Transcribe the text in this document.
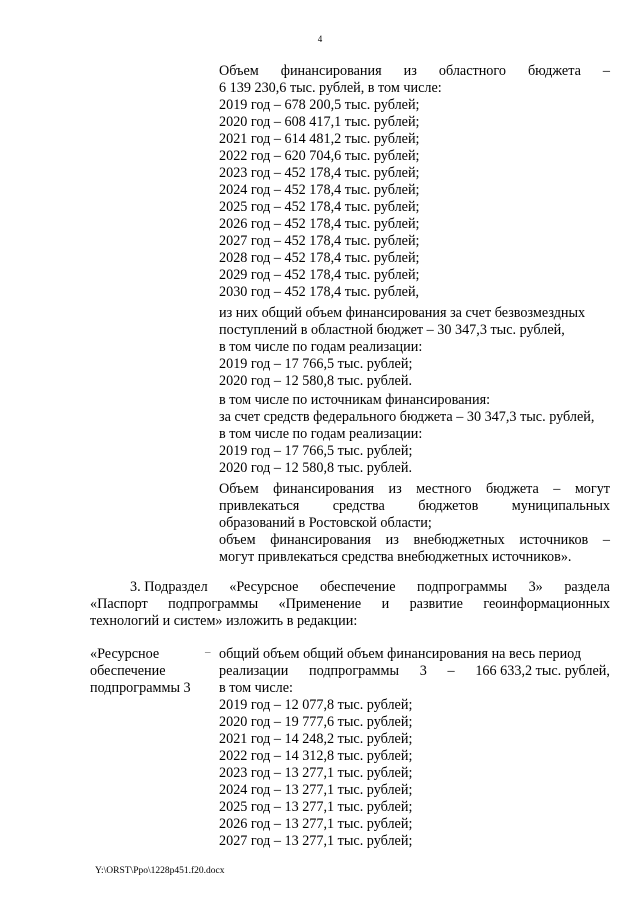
4
Объем финансирования из областного бюджета –
6 139 230,6 тыс. рублей, в том числе:
2019 год – 678 200,5 тыс. рублей;
2020 год – 608 417,1 тыс. рублей;
2021 год – 614 481,2 тыс. рублей;
2022 год – 620 704,6 тыс. рублей;
2023 год – 452 178,4 тыс. рублей;
2024 год – 452 178,4 тыс. рублей;
2025 год – 452 178,4 тыс. рублей;
2026 год – 452 178,4 тыс. рублей;
2027 год – 452 178,4 тыс. рублей;
2028 год – 452 178,4 тыс. рублей;
2029 год – 452 178,4 тыс. рублей;
2030 год – 452 178,4 тыс. рублей,
из них общий объем финансирования за счет безвозмездных
поступлений в областной бюджет – 30 347,3 тыс. рублей,
в том числе по годам реализации:
2019 год – 17 766,5 тыс. рублей;
2020 год – 12 580,8 тыс. рублей.
в том числе по источникам финансирования:
за счет средств федерального бюджета – 30 347,3 тыс. рублей,
в том числе по годам реализации:
2019 год – 17 766,5 тыс. рублей;
2020 год – 12 580,8 тыс. рублей.
Объем финансирования из местного бюджета – могут
привлекаться средства бюджетов муниципальных
образований в Ростовской области;
объем финансирования из внебюджетных источников –
могут привлекаться средства внебюджетных источников».
3. Подраздел «Ресурсное обеспечение подпрограммы 3» раздела
«Паспорт подпрограммы «Применение и развитие геоинформационных
технологий и систем» изложить в редакции:
«Ресурсное
обеспечение
подпрограммы 3
– общий объем общий объем финансирования на весь период
реализации подпрограммы 3 – 166 633,2 тыс. рублей,
в том числе:
2019 год – 12 077,8 тыс. рублей;
2020 год – 19 777,6 тыс. рублей;
2021 год – 14 248,2 тыс. рублей;
2022 год – 14 312,8 тыс. рублей;
2023 год – 13 277,1 тыс. рублей;
2024 год – 13 277,1 тыс. рублей;
2025 год – 13 277,1 тыс. рублей;
2026 год – 13 277,1 тыс. рублей;
2027 год – 13 277,1 тыс. рублей;
Y:\ORST\Ppo\1228p451.f20.docx
